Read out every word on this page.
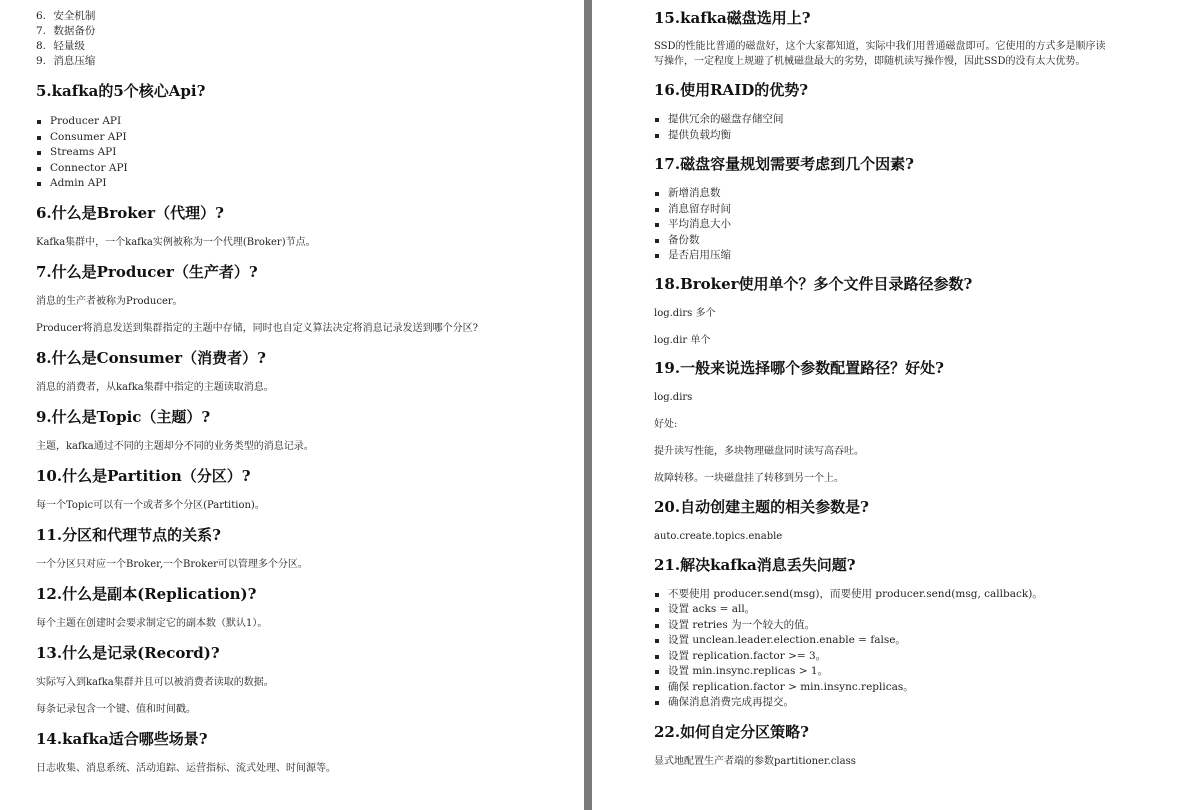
6. 安全机制
7. 数据备份
8. 轻量级
9. 消息压缩
5.kafka的5个核心Api?
Producer API
Consumer API
Streams API
Connector API
Admin API
6.什么是Broker（代理）?

Kafka集群中，一个kafka实例被称为一个代理(Broker)节点。

7.什么是Producer（生产者）?

消息的生产者被称为Producer。

Producer将消息发送到集群指定的主题中存储，同时也自定义算法决定将消息记录发送到哪个分区?

8.什么是Consumer（消费者）?

消息的消费者，从kafka集群中指定的主题读取消息。

9.什么是Topic（主题）?

主题，kafka通过不同的主题却分不同的业务类型的消息记录。

10.什么是Partition（分区）?

每一个Topic可以有一个或者多个分区(Partition)。

11.分区和代理节点的关系?

一个分区只对应一个Broker,一个Broker可以管理多个分区。

12.什么是副本(Replication)?

每个主题在创建时会要求制定它的副本数（默认1）。

13.什么是记录(Record)?

实际写入到kafka集群并且可以被消费者读取的数据。

每条记录包含一个键、值和时间戳。

14.kafka适合哪些场景?

日志收集、消息系统、活动追踪、运营指标、流式处理、时间源等。

15.kafka磁盘选用上?

SSD的性能比普通的磁盘好，这个大家都知道，实际中我们用普通磁盘即可。它使用的方式多是顺序读
写操作，一定程度上规避了机械磁盘最大的劣势，即随机读写操作慢，因此SSD的没有太大优势。

16.使用RAID的优势?
提供冗余的磁盘存储空间
提供负载均衡
17.磁盘容量规划需要考虑到几个因素?
新增消息数
消息留存时间
平均消息大小
备份数
是否启用压缩
18.Broker使用单个？多个文件目录路径参数?

log.dirs 多个

log.dir 单个

19.一般来说选择哪个参数配置路径？好处?

log.dirs

好处:

提升读写性能，多块物理磁盘同时读写高吞吐。

故障转移。一块磁盘挂了转移到另一个上。

20.自动创建主题的相关参数是?

auto.create.topics.enable

21.解决kafka消息丢失问题?
不要使用 producer.send(msg)，而要使用 producer.send(msg, callback)。
设置 acks = all。
设置 retries 为一个较大的值。
设置 unclean.leader.election.enable = false。
设置 replication.factor >= 3。
设置 min.insync.replicas > 1。
确保 replication.factor > min.insync.replicas。
确保消息消费完成再提交。
22.如何自定分区策略?

显式地配置生产者端的参数partitioner.class
